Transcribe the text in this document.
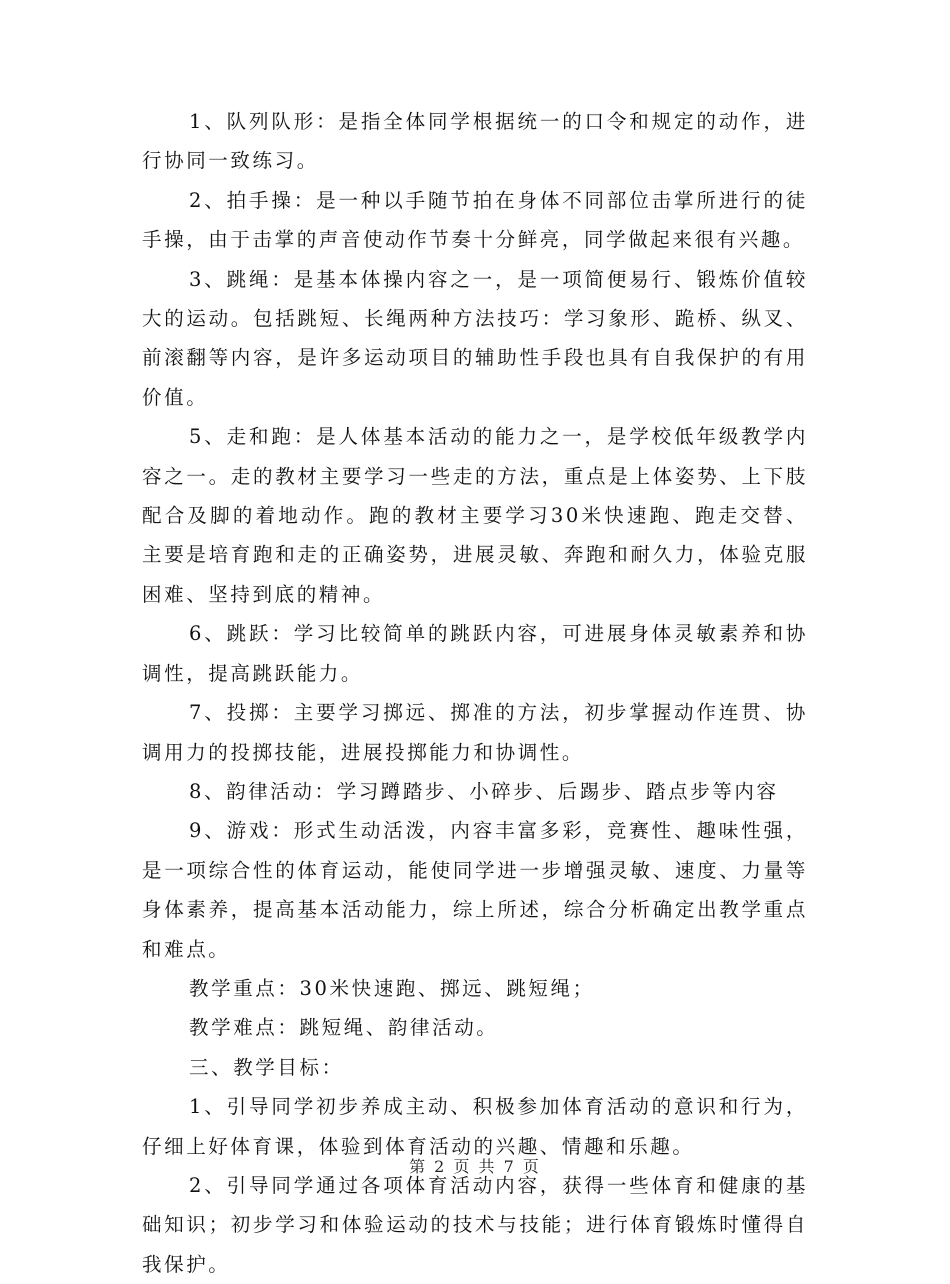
1、队列队形：是指全体同学根据统一的口令和规定的动作，进行协同一致练习。

2、拍手操：是一种以手随节拍在身体不同部位击掌所进行的徒手操，由于击掌的声音使动作节奏十分鲜亮，同学做起来很有兴趣。

3、跳绳：是基本体操内容之一，是一项简便易行、锻炼价值较大的运动。包括跳短、长绳两种方法技巧：学习象形、跪桥、纵叉、前滚翻等内容，是许多运动项目的辅助性手段也具有自我保护的有用价值。

5、走和跑：是人体基本活动的能力之一，是学校低年级教学内容之一。走的教材主要学习一些走的方法，重点是上体姿势、上下肢配合及脚的着地动作。跑的教材主要学习30米快速跑、跑走交替、主要是培育跑和走的正确姿势，进展灵敏、奔跑和耐久力，体验克服困难、坚持到底的精神。

6、跳跃：学习比较简单的跳跃内容，可进展身体灵敏素养和协调性，提高跳跃能力。

7、投掷：主要学习掷远、掷准的方法，初步掌握动作连贯、协调用力的投掷技能，进展投掷能力和协调性。

8、韵律活动：学习蹲踏步、小碎步、后踢步、踏点步等内容

9、游戏：形式生动活泼，内容丰富多彩，竞赛性、趣味性强，是一项综合性的体育运动，能使同学进一步增强灵敏、速度、力量等身体素养，提高基本活动能力，综上所述，综合分析确定出教学重点和难点。

教学重点：30米快速跑、掷远、跳短绳；

教学难点：跳短绳、韵律活动。

三、教学目标：

1、引导同学初步养成主动、积极参加体育活动的意识和行为，仔细上好体育课，体验到体育活动的兴趣、情趣和乐趣。

2、引导同学通过各项体育活动内容，获得一些体育和健康的基础知识；初步学习和体验运动的技术与技能；进行体育锻炼时懂得自我保护。

第 2 页 共 7 页
